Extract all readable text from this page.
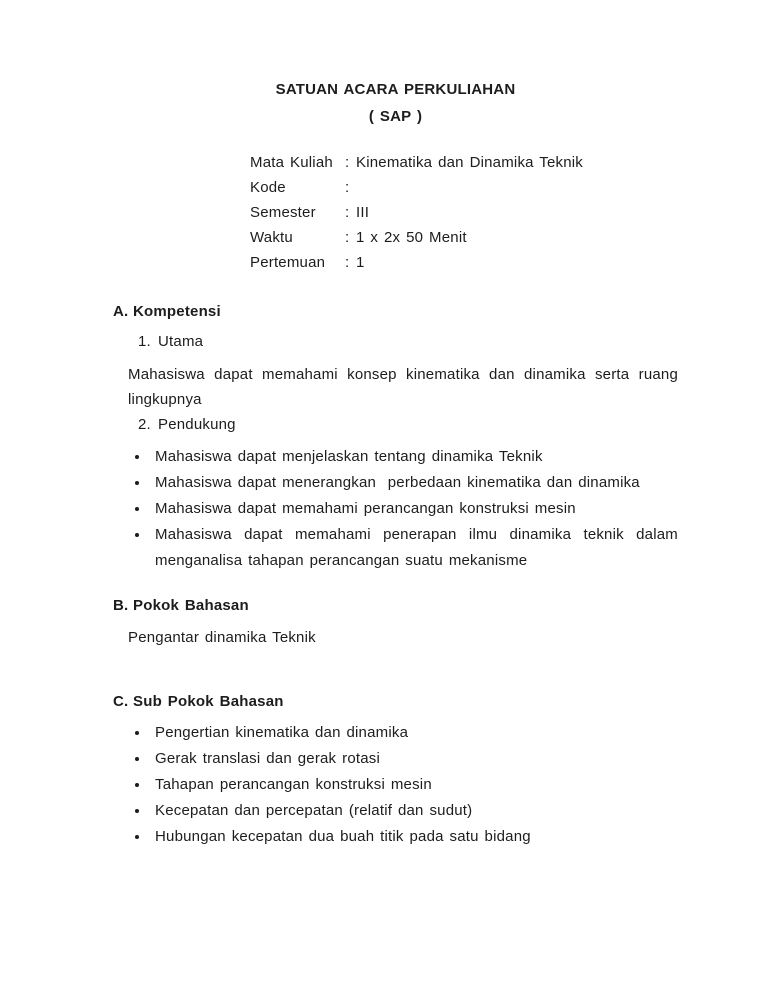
SATUAN ACARA PERKULIAHAN
( SAP )
Mata Kuliah : Kinematika dan Dinamika Teknik
Kode	:
Semester	: III
Waktu	: 1 x 2x 50 Menit
Pertemuan	: 1
A. Kompetensi
1. Utama
Mahasiswa dapat memahami konsep kinematika dan dinamika serta ruang
lingkupnya
2. Pendukung
Mahasiswa dapat menjelaskan tentang dinamika Teknik
Mahasiswa dapat menerangkan  perbedaan kinematika dan dinamika
Mahasiswa dapat memahami perancangan konstruksi mesin
Mahasiswa dapat memahami penerapan ilmu dinamika teknik dalam
menganalisa tahapan perancangan suatu mekanisme
B. Pokok Bahasan
Pengantar dinamika Teknik
C. Sub Pokok Bahasan
Pengertian kinematika dan dinamika
Gerak translasi dan gerak rotasi
Tahapan perancangan konstruksi mesin
Kecepatan dan percepatan (relatif dan sudut)
Hubungan kecepatan dua buah titik pada satu bidang
